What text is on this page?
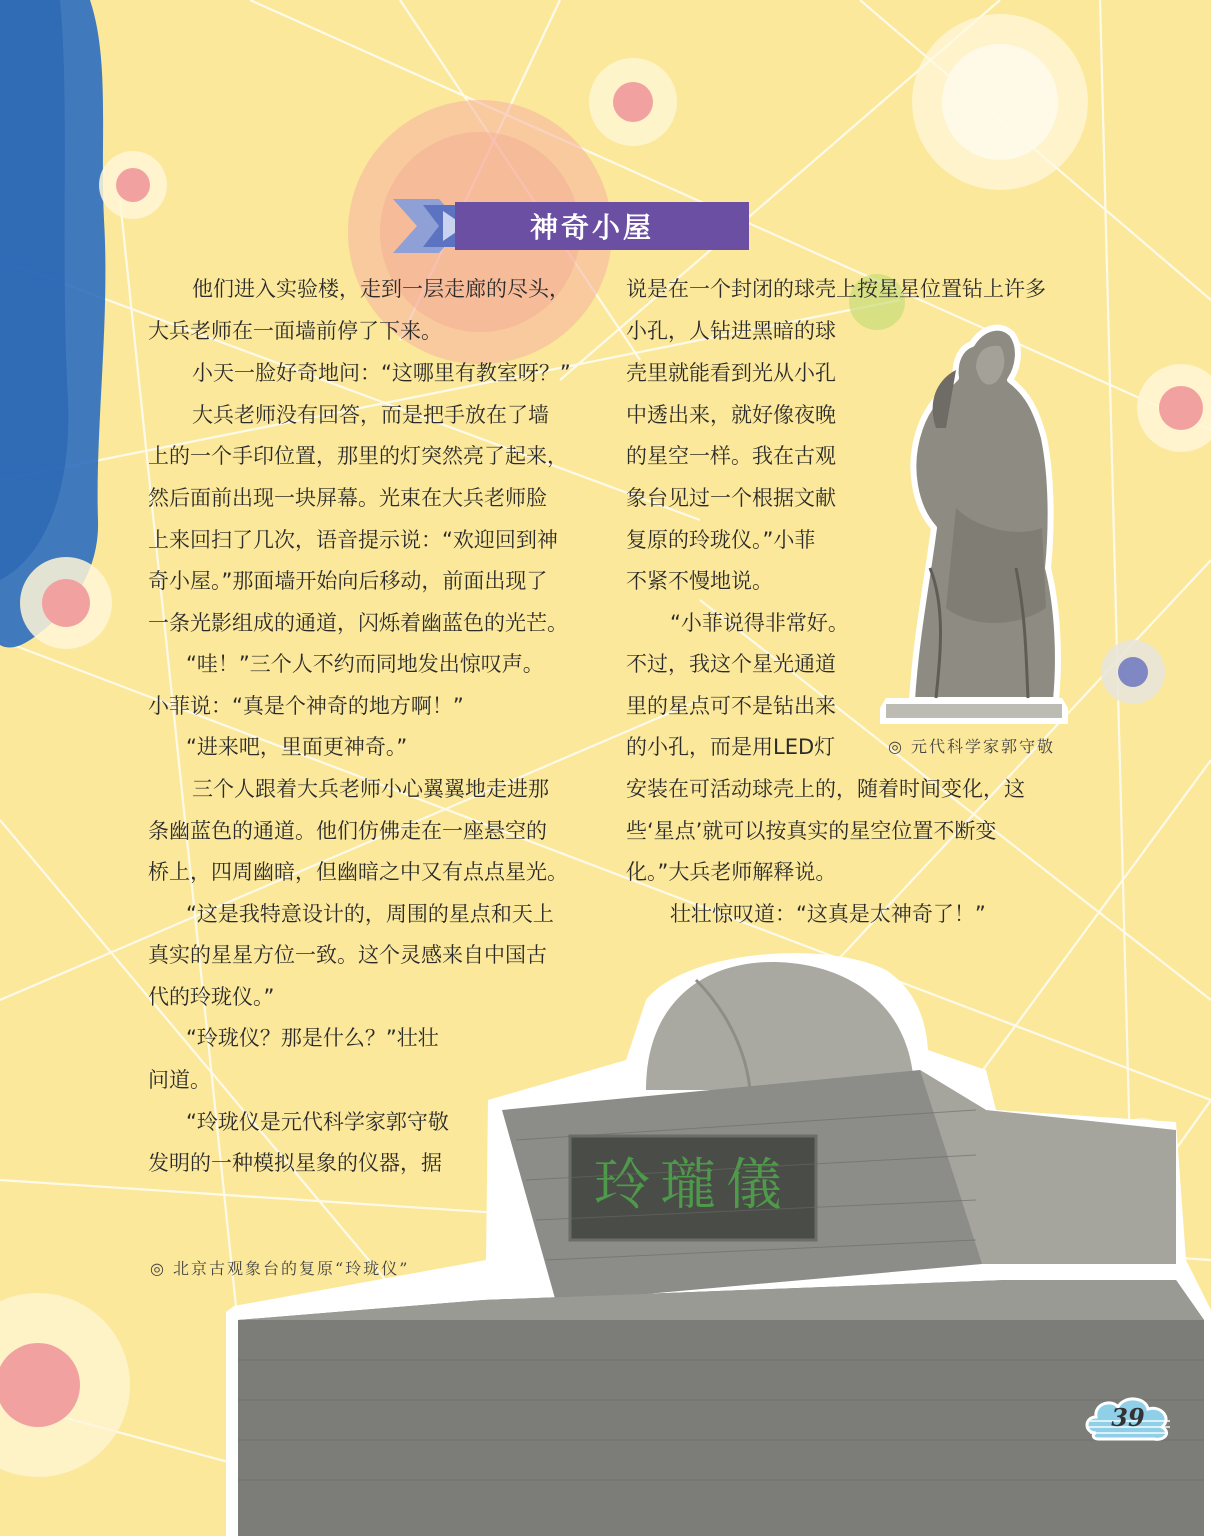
神奇小屋
他们进入实验楼，走到一层走廊的尽头，
大兵老师在一面墙前停了下来。
小天一脸好奇地问：“这哪里有教室呀？”
大兵老师没有回答，而是把手放在了墙
上的一个手印位置，那里的灯突然亮了起来，
然后面前出现一块屏幕。光束在大兵老师脸
上来回扫了几次，语音提示说：“欢迎回到神
奇小屋。”那面墙开始向后移动，前面出现了
一条光影组成的通道，闪烁着幽蓝色的光芒。
“哇！”三个人不约而同地发出惊叹声。
小菲说：“真是个神奇的地方啊！”
“进来吧，里面更神奇。”
三个人跟着大兵老师小心翼翼地走进那
条幽蓝色的通道。他们仿佛走在一座悬空的
桥上，四周幽暗，但幽暗之中又有点点星光。
“这是我特意设计的，周围的星点和天上
真实的星星方位一致。这个灵感来自中国古
代的玲珑仪。”
“玲珑仪？那是什么？”壮壮
问道。
“玲珑仪是元代科学家郭守敬
发明的一种模拟星象的仪器，据
说是在一个封闭的球壳上按星星位置钻上许多
小孔，人钻进黑暗的球
壳里就能看到光从小孔
中透出来，就好像夜晚
的星空一样。我在古观
象台见过一个根据文献
复原的玲珑仪。”小菲
不紧不慢地说。
“小菲说得非常好。
不过，我这个星光通道
里的星点可不是钻出来
的小孔，而是用LED灯
安装在可活动球壳上的，随着时间变化，这
些‘星点’就可以按真实的星空位置不断变
化。”大兵老师解释说。
壮壮惊叹道：“这真是太神奇了！”
◎ 元代科学家郭守敬
玲瓏儀
◎ 北京古观象台的复原“玲珑仪”
39
